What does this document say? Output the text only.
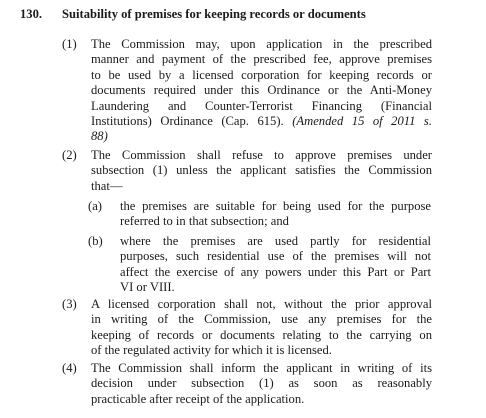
130. Suitability of premises for keeping records or documents
(1) The Commission may, upon application in the prescribed
manner and payment of the prescribed fee, approve premises
to be used by a licensed corporation for keeping records or
documents required under this Ordinance or the Anti-Money
Laundering and Counter-Terrorist Financing (Financial
Institutions) Ordinance (Cap. 615). (Amended 15 of 2011 s.
88)
(2) The Commission shall refuse to approve premises under
subsection (1) unless the applicant satisfies the Commission
that—
(a) the premises are suitable for being used for the purpose
referred to in that subsection; and
(b) where the premises are used partly for residential
purposes, such residential use of the premises will not
affect the exercise of any powers under this Part or Part
VI or VIII.
(3) A licensed corporation shall not, without the prior approval
in writing of the Commission, use any premises for the
keeping of records or documents relating to the carrying on
of the regulated activity for which it is licensed.
(4) The Commission shall inform the applicant in writing of its
decision under subsection (1) as soon as reasonably
practicable after receipt of the application.
